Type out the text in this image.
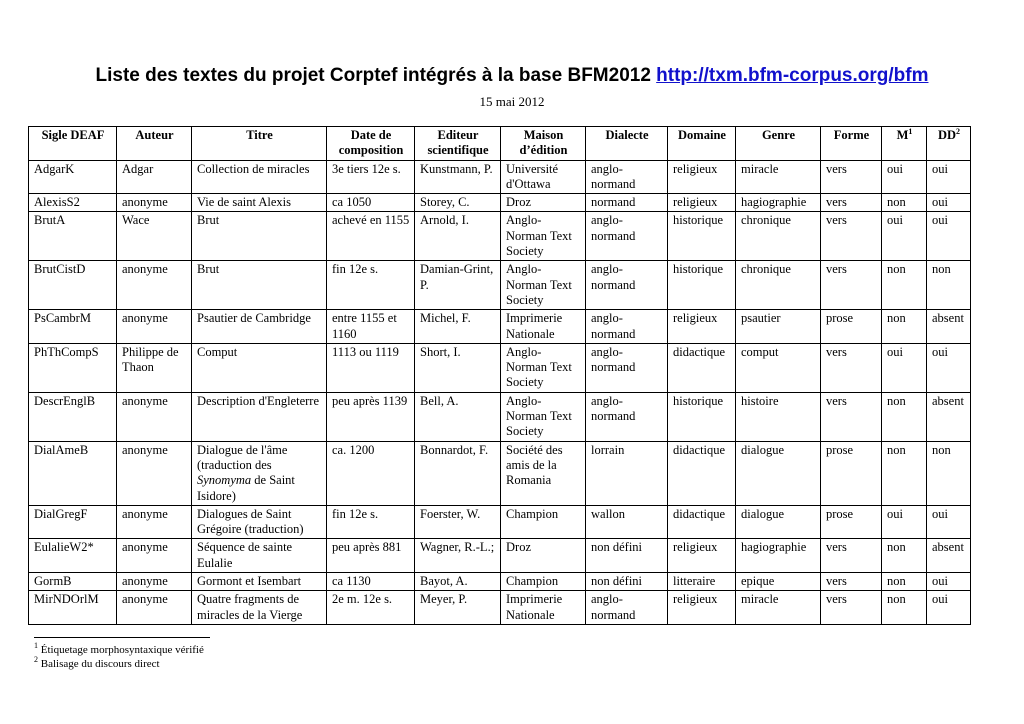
Liste des textes du projet Corptef intégrés à la base BFM2012 http://txm.bfm-corpus.org/bfm
15 mai 2012
Sigle DEAF	Auteur	Titre	Date de composition	Editeur scientifique	Maison d’édition	Dialecte	Domaine	Genre	Forme	$M^1$	$DD^2$
AdgarK	Adgar	Collection de miracles	3e tiers 12e s.	Kunstmann, P.	Université d'Ottawa	anglo-normand	religieux	miracle	vers	oui	oui
AlexisS2	anonyme	Vie de saint Alexis	ca 1050	Storey, C.	Droz	normand	religieux	hagiographie	vers	non	oui
BrutA	Wace	Brut	achevé en 1155	Arnold, I.	Anglo-Norman Text Society	anglo-normand	historique	chronique	vers	oui	oui
BrutCistD	anonyme	Brut	fin 12e s.	Damian-Grint, P.	Anglo-Norman Text Society	anglo-normand	historique	chronique	vers	non	non
PsCambrM	anonyme	Psautier de Cambridge	entre 1155 et 1160	Michel, F.	Imprimerie Nationale	anglo-normand	religieux	psautier	prose	non	absent
PhThCompS	Philippe de Thaon	Comput	1113 ou 1119	Short, I.	Anglo-Norman Text Society	anglo-normand	didactique	comput	vers	oui	oui
DescrEnglB	anonyme	Description d'Engleterre	peu après 1139	Bell, A.	Anglo-Norman Text Society	anglo-normand	historique	histoire	vers	non	absent
DialAmeB	anonyme	Dialogue de l'âme (traduction des Synomyma de Saint Isidore)	ca. 1200	Bonnardot, F.	Société des amis de la Romania	lorrain	didactique	dialogue	prose	non	non
DialGregF	anonyme	Dialogues de Saint Grégoire (traduction)	fin 12e s.	Foerster, W.	Champion	wallon	didactique	dialogue	prose	oui	oui
EulalieW2*	anonyme	Séquence de sainte Eulalie	peu après 881	Wagner, R.-L.;	Droz	non défini	religieux	hagiographie	vers	non	absent
GormB	anonyme	Gormont et Isembart	ca 1130	Bayot, A.	Champion	non défini	litteraire	epique	vers	non	oui
MirNDOrlM	anonyme	Quatre fragments de miracles de la Vierge	2e m. 12e s.	Meyer, P.	Imprimerie Nationale	anglo-normand	religieux	miracle	vers	non	oui
$^1$ Étiquetage morphosyntaxique vérifié
$^2$ Balisage du discours direct
